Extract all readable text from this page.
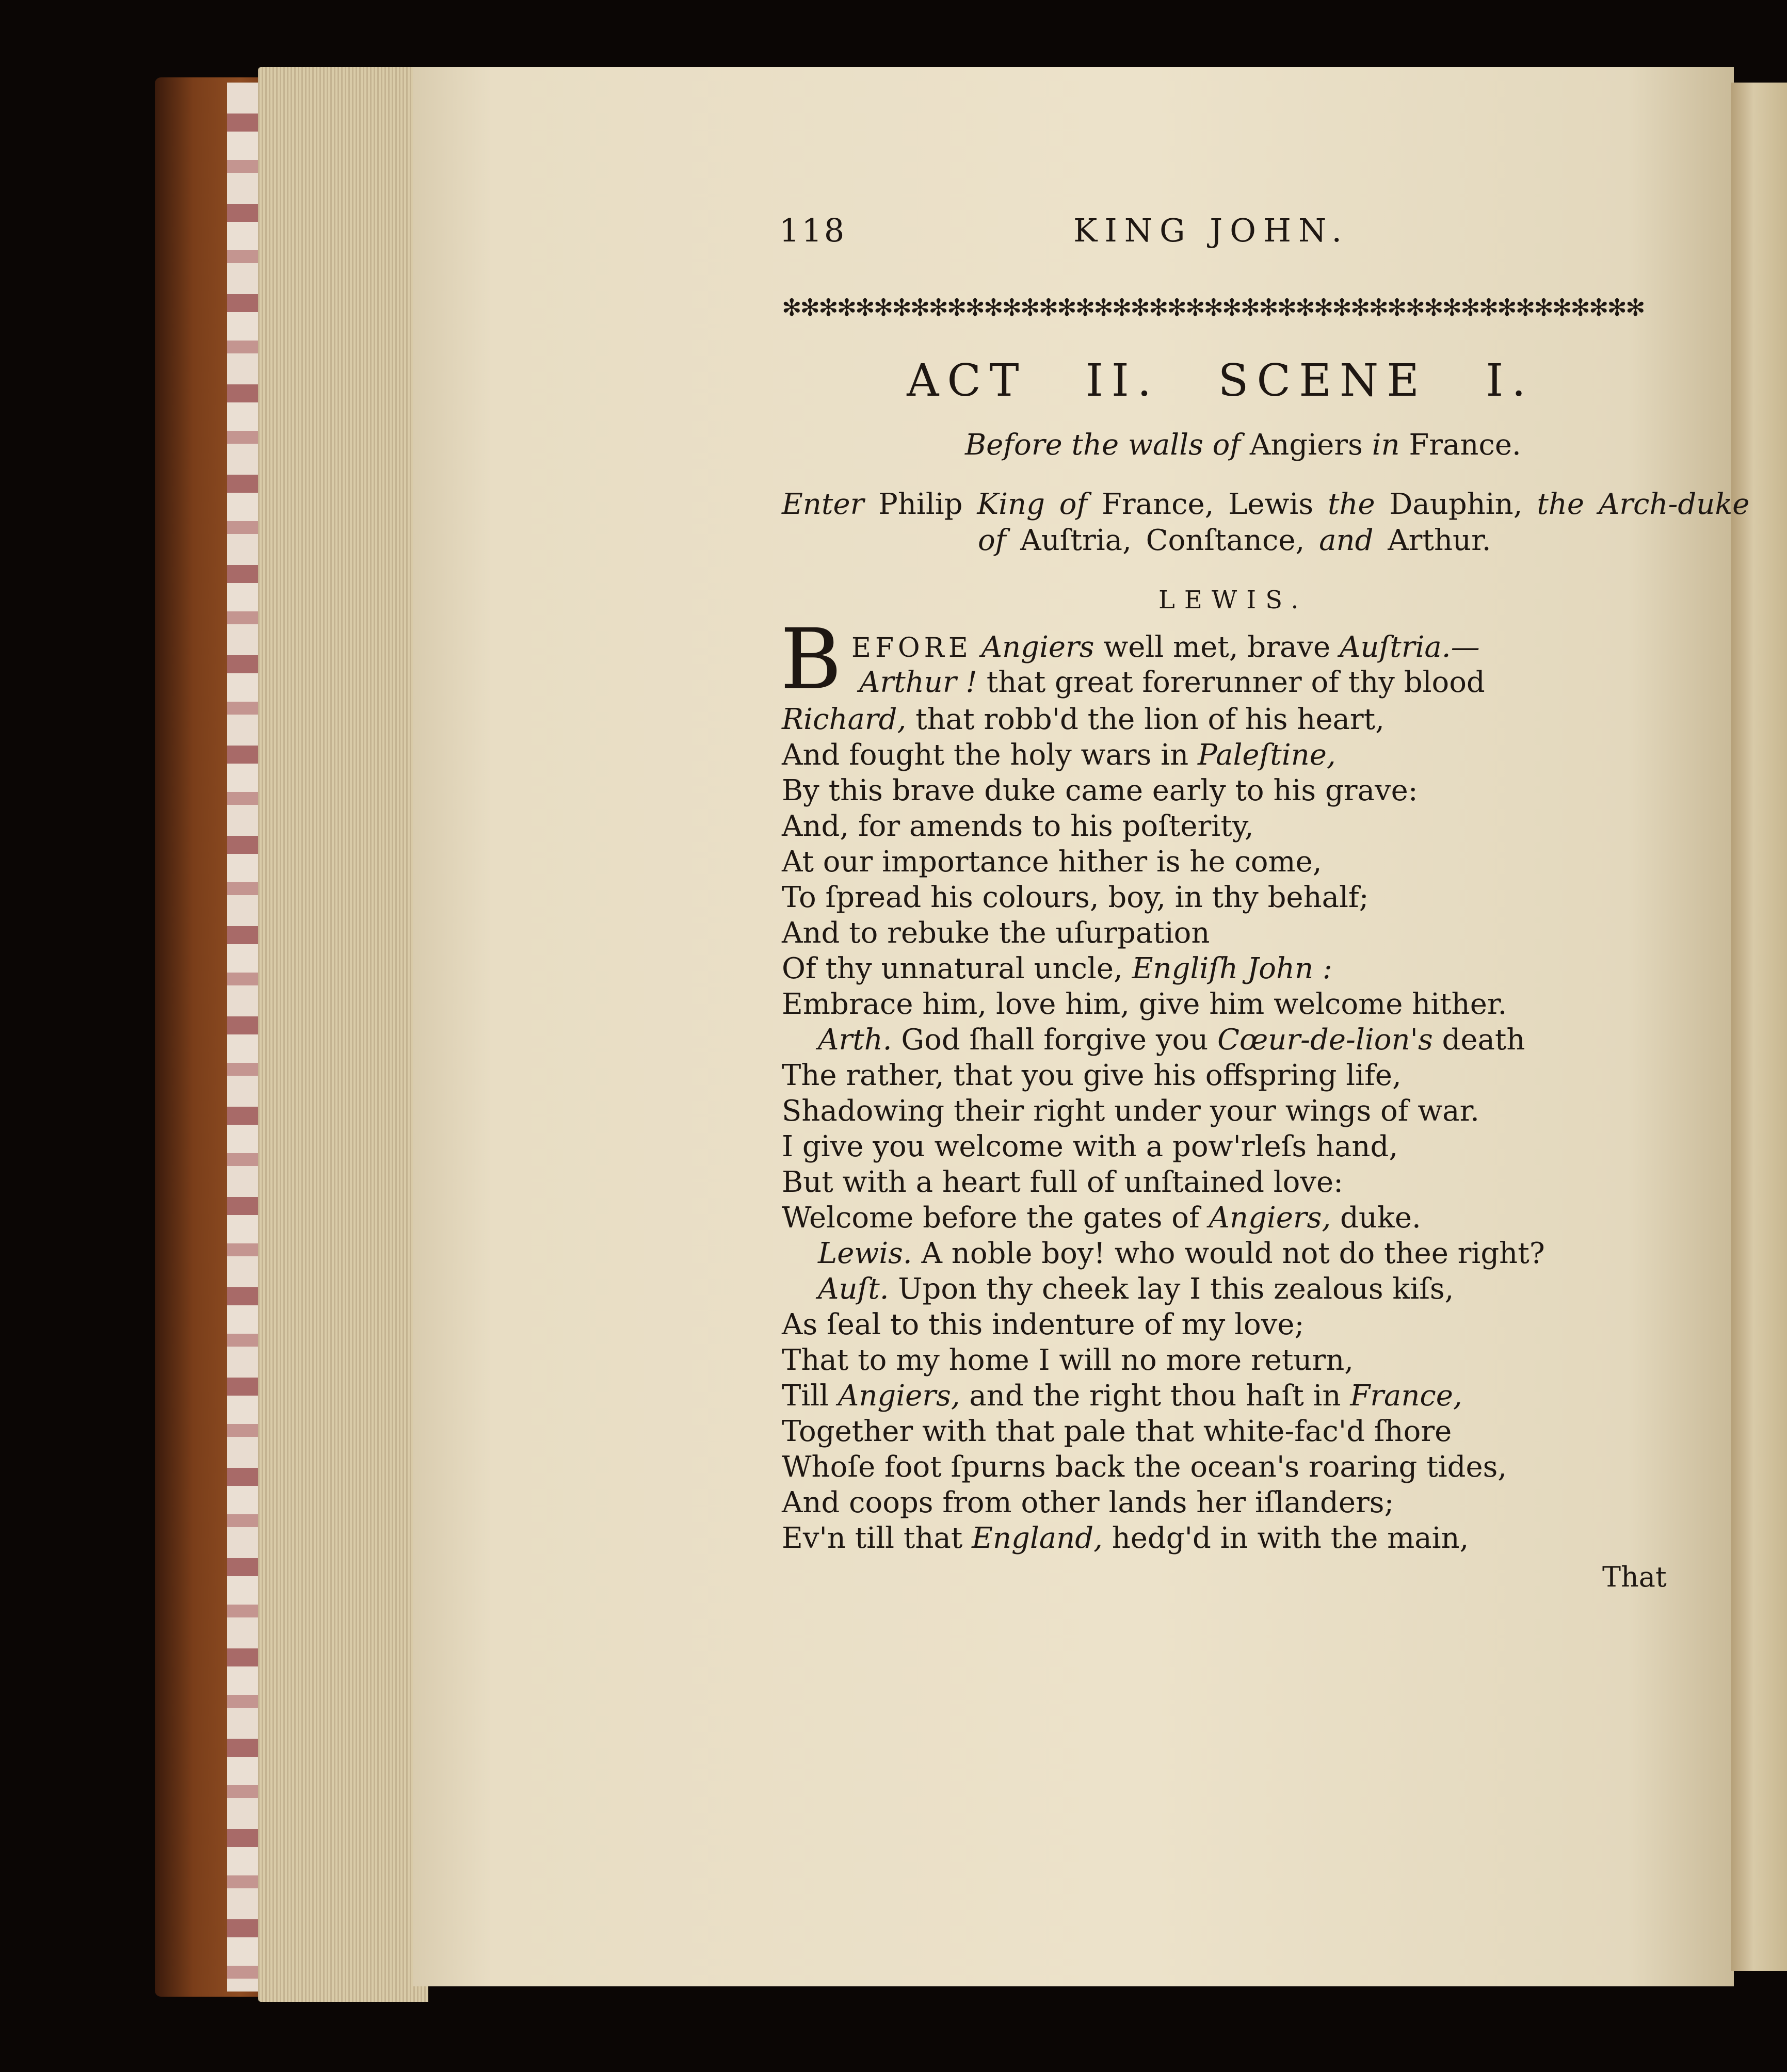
118	KING JOHN.
✻✻✻✻✻✻✻✻✻✻✻✻✻✻✻✻✻✻✻✻✻✻✻✻✻✻✻✻✻✻✻✻✻✻✻✻✻✻✻✻✻✻✻✻✻✻✻
ACT II. SCENE I.
Before the walls of Angiers in France.
Enter Philip King of France, Lewis the Dauphin, the Arch-duke
of Auſtria, Conſtance, and Arthur.
LEWIS.
B EFORE Angiers well met, brave Auſtria.—
Arthur ! that great forerunner of thy blood
Richard, that robb'd the lion of his heart,
And fought the holy wars in Paleſtine,
By this brave duke came early to his grave:
And, for amends to his poſterity,
At our importance hither is he come,
To ſpread his colours, boy, in thy behalf;
And to rebuke the uſurpation
Of thy unnatural uncle, Engliſh John :
Embrace him, love him, give him welcome hither.
Arth. God ſhall forgive you Cœur-de-lion's death
The rather, that you give his offspring life,
Shadowing their right under your wings of war.
I give you welcome with a pow'rleſs hand,
But with a heart full of unſtained love:
Welcome before the gates of Angiers, duke.
Lewis. A noble boy! who would not do thee right?
Auſt. Upon thy cheek lay I this zealous kiſs,
As ſeal to this indenture of my love;
That to my home I will no more return,
Till Angiers, and the right thou haſt in France,
Together with that pale that white-fac'd ſhore
Whoſe foot ſpurns back the ocean's roaring tides,
And coops from other lands her iſlanders;
Ev'n till that England, hedg'd in with the main,
That
